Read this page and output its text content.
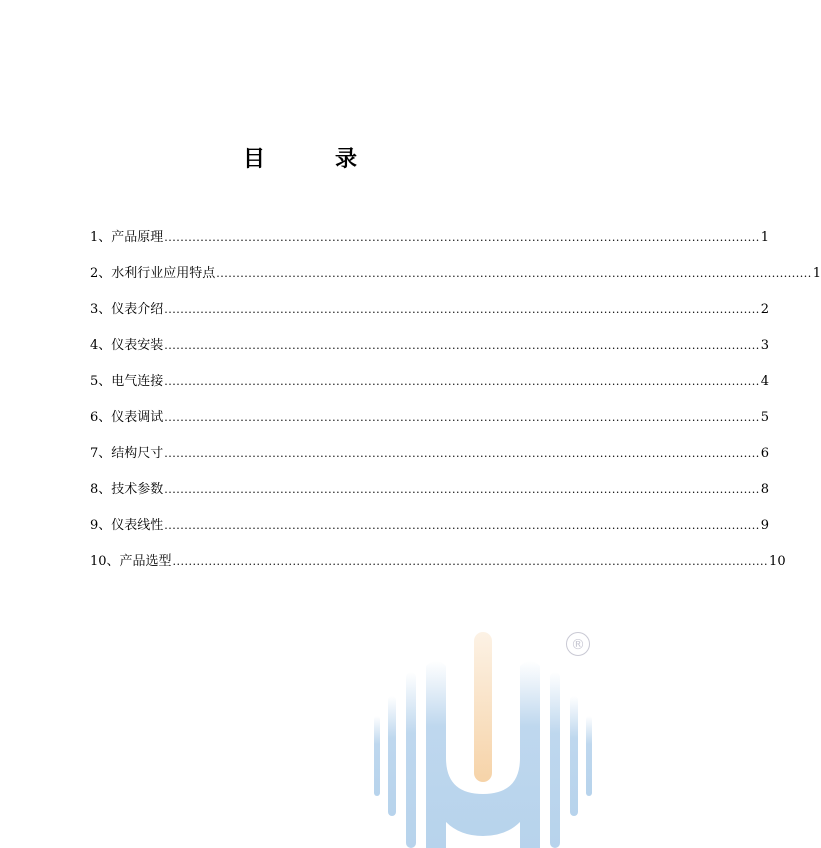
目　录
1、产品原理 ..................................................................................................................................................... 1
2、水利行业应用特点 ..................................................................................................................................................... 1
3、仪表介绍 ..................................................................................................................................................... 2
4、仪表安装 ..................................................................................................................................................... 3
5、电气连接 ..................................................................................................................................................... 4
6、仪表调试 ..................................................................................................................................................... 5
7、结构尺寸 ..................................................................................................................................................... 6
8、技术参数 ..................................................................................................................................................... 8
9、仪表线性 ..................................................................................................................................................... 9
10、产品选型 ..................................................................................................................................................... 10
®
